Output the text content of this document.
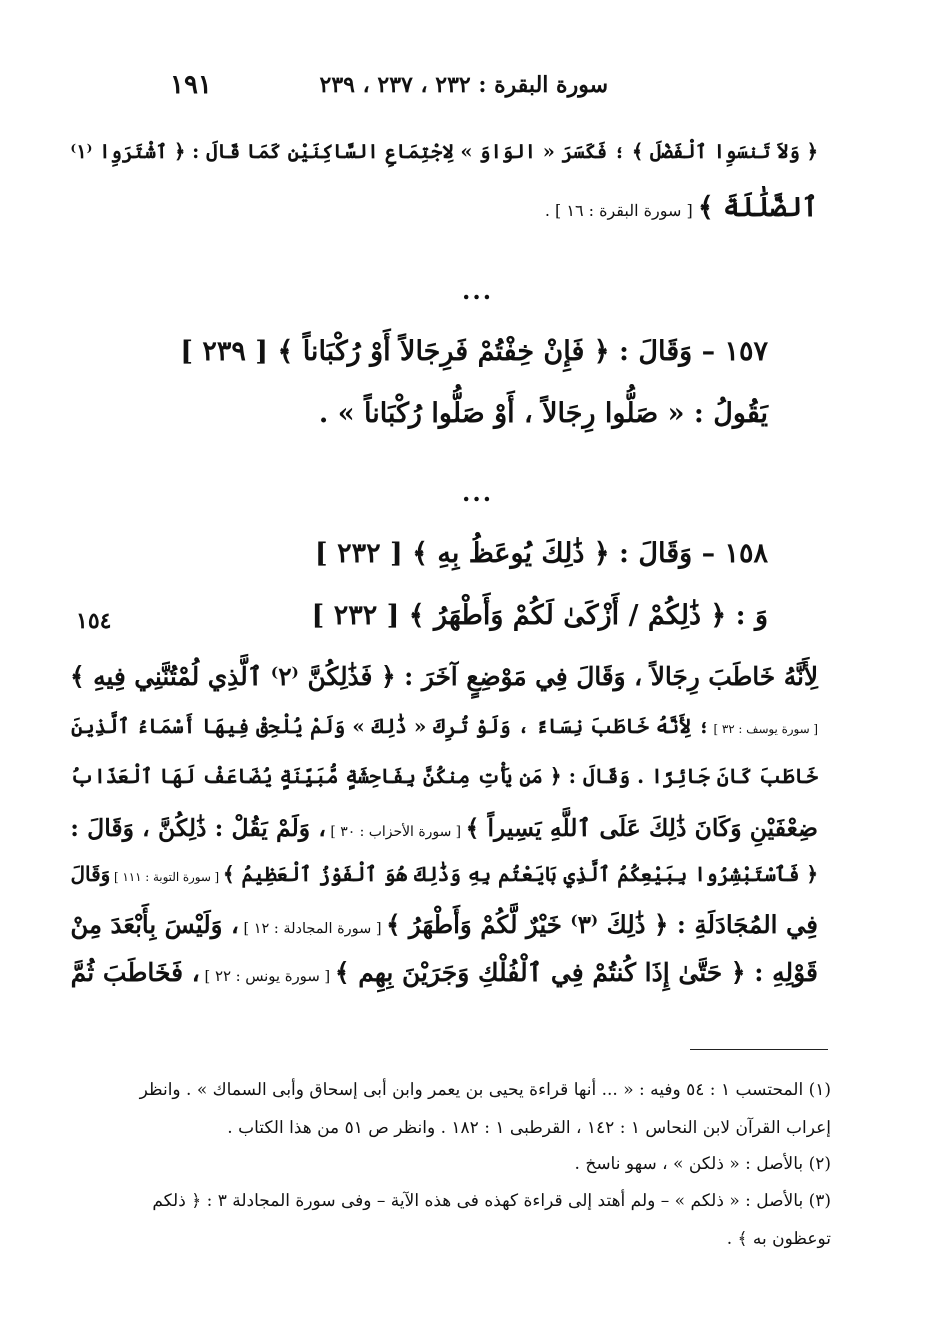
١٩١	سورة البقرة : ٢٣٢ ، ٢٣٧ ، ٢٣٩
﴿ وَلاَ تَنسَوِا ٱلْفَضْلَ ﴾ ؛ فَكَسَرَ « الوَاوَ » لِاجْتِمَاعِ السَّاكِنَيْنِ كَمَا قَالَ : ﴿ ٱشْتَرَوِا ⁽١⁾
ٱلضَّلَٰلَةَ ﴾ [ سورة البقرة : ١٦ ] .
...
١٥٧ – وَقَالَ : ﴿ فَإِنْ خِفْتُمْ فَرِجَالاً أَوْ رُكْبَاناً ﴾ [ ٢٣٩ ]
يَقُولُ : « صَلُّوا رِجَالاً ، أَوْ صَلُّوا رُكْبَاناً » .
...
١٥٨ – وَقَالَ : ﴿ ذَٰلِكَ يُوعَظُ بِهِ ﴾ [ ٢٣٢ ]
وَ : ﴿ ذَٰلِكُمْ / أَزْكَىٰ لَكُمْ وَأَطْهَرُ ﴾ [ ٢٣٢ ]
١٥٤
لِأَنَّهُ خَاطَبَ رِجَالاً ، وَقَالَ فِي مَوْضِعٍ آخَرَ : ﴿ فَذَٰلِكُنَّ ⁽٢⁾ ٱلَّذِي لُمْتُنَّنِي فِيهِ ﴾
[ سورة يوسف : ٣٢ ] ؛ لِأَنَّهُ خَاطَبَ نِسَاءً ، وَلَوْ تُرِكَ « ذَٰلِكَ » وَلَمْ يُلْحِقْ فِيهَا أَسْمَاءُ ٱلَّذِينَ
خَاطَبَ كَانَ جَائِزًا . وَقَالَ : ﴿ مَن يَأْتِ مِنكُنَّ بِفَاحِشَةٍ مُّبَيِّنَةٍ يُضَاعَفْ لَهَا ٱلْعَذَابُ
ضِعْفَيْنِ وَكَانَ ذَٰلِكَ عَلَى ٱللَّهِ يَسِيراً ﴾ [ سورة الأحزاب : ٣٠ ] ، وَلَمْ يَقُلْ : ذَٰلِكُنَّ ، وَقَالَ :
﴿ فَٱسْتَبْشِرُوا بِبَيْعِكُمُ ٱلَّذِي بَايَعْتُم بِهِ وَذَٰلِكَ هُوَ ٱلْفَوْزُ ٱلْعَظِيمُ ﴾ [ سورة التوبة : ١١١ ] وَقَالَ
فِي المُجَادَلَةِ : ﴿ ذَٰلِكَ ⁽٣⁾ خَيْرٌ لَّكُمْ وَأَطْهَرُ ﴾ [ سورة المجادلة : ١٢ ] ، وَلَيْسَ بِأَبْعَدَ مِنْ
قَوْلِهِ : ﴿ حَتَّىٰ إِذَا كُنتُمْ فِي ٱلْفُلْكِ وَجَرَيْنَ بِهِم ﴾ [ سورة يونس : ٢٢ ] ، فَخَاطَبَ ثُمَّ
(١) المحتسب ١ : ٥٤ وفيه : « ... أنها قراءة يحيى بن يعمر وابن أبى إسحاق وأبى السماك » . وانظر
إعراب القرآن لابن النحاس ١ : ١٤٢ ، القرطبى ١ : ١٨٢ . وانظر ص ٥١ من هذا الكتاب .
(٢) بالأصل : « ذلكن » ، سهو ناسخ .
(٣) بالأصل : « ذلكم » – ولم أهتد إلى قراءة كهذه فى هذه الآية – وفى سورة المجادلة ٣ : ﴿ ذلكم
توعظون به ﴾ .
